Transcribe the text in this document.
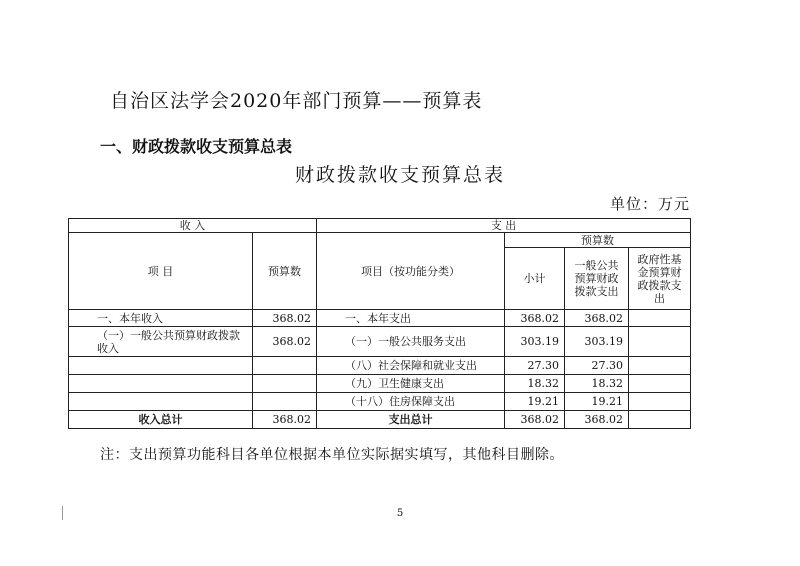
自治区法学会2020年部门预算——预算表
一、财政拨款收支预算总表
财政拨款收支预算总表
单位：万元
收 入		支 出			
项 目	预算数	项目（按功能分类）	预算数		
			小计	一般公共预算财政拨款支出	政府性基金预算财政拨款支出
一、本年收入	368.02	一、本年支出	368.02	368.02	
（一）一般公共预算财政拨款收入	368.02	（一）一般公共服务支出	303.19	303.19	
		（八）社会保障和就业支出	27.30	27.30	
		（九）卫生健康支出	18.32	18.32	
		（十八）住房保障支出	19.21	19.21	
收入总计	368.02	支出总计	368.02	368.02	
注：支出预算功能科目各单位根据本单位实际据实填写，其他科目删除。
5
